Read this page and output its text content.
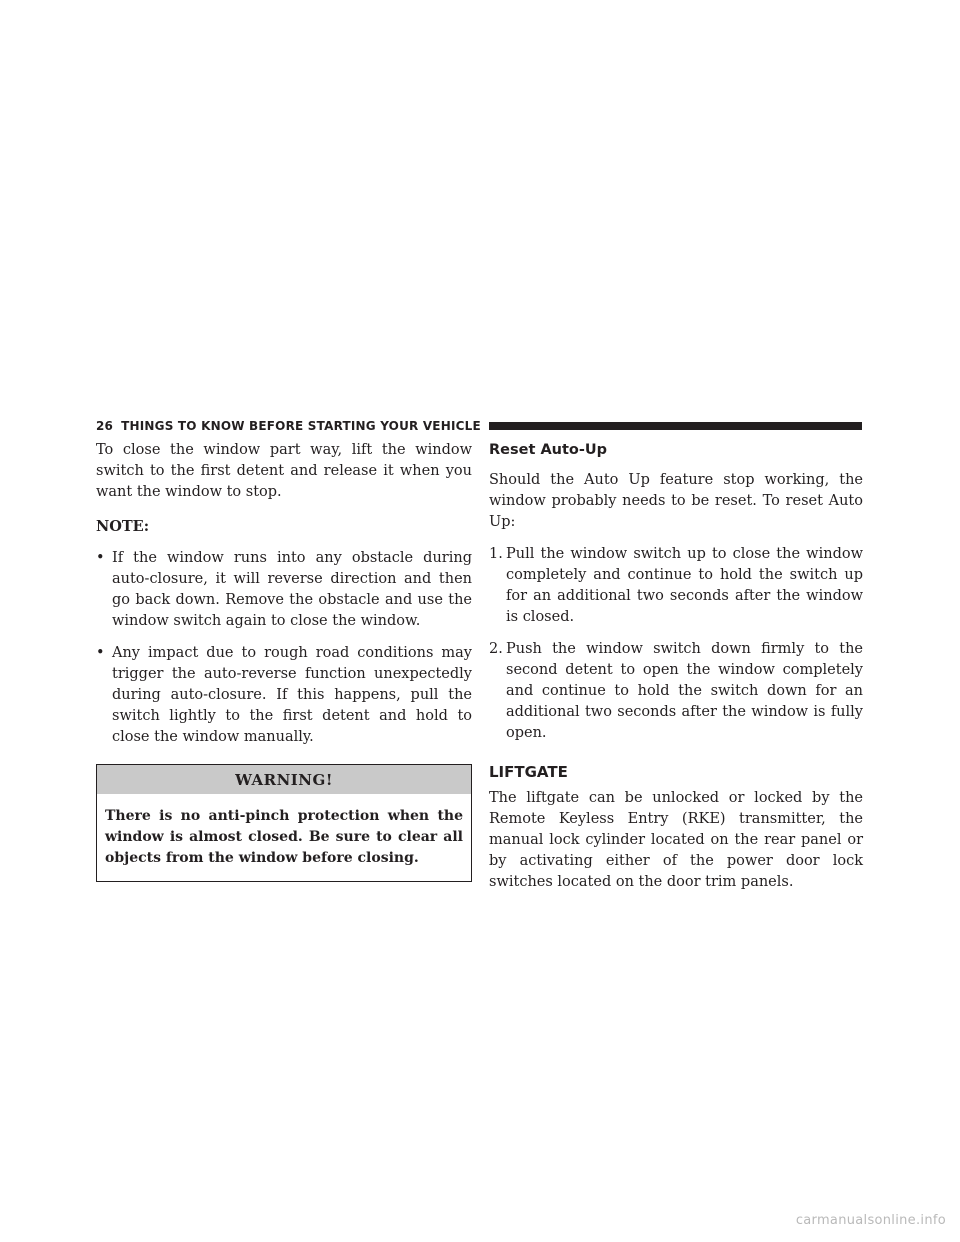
26 THINGS TO KNOW BEFORE STARTING YOUR VEHICLE

To close the window part way, lift the window switch to the first detent and release it when you want the window to stop.

NOTE:

• If the window runs into any obstacle during auto-closure, it will reverse direction and then go back down. Remove the obstacle and use the window switch again to close the window.
• Any impact due to rough road conditions may trigger the auto-reverse function unexpectedly during auto-closure. If this happens, pull the switch lightly to the first detent and hold to close the window manually.
WARNING!
There is no anti-pinch protection when the window is almost closed. Be sure to clear all objects from the window before closing.
Reset Auto-Up

Should the Auto Up feature stop working, the window probably needs to be reset. To reset Auto Up:

1. Pull the window switch up to close the window completely and continue to hold the switch up for an additional two seconds after the window is closed.
2. Push the window switch down firmly to the second detent to open the window completely and continue to hold the switch down for an additional two seconds after the window is fully open.
LIFTGATE

The liftgate can be unlocked or locked by the Remote Keyless Entry (RKE) transmitter, the manual lock cylinder located on the rear panel or by activating either of the power door lock switches located on the door trim panels.

carmanualsonline.info
